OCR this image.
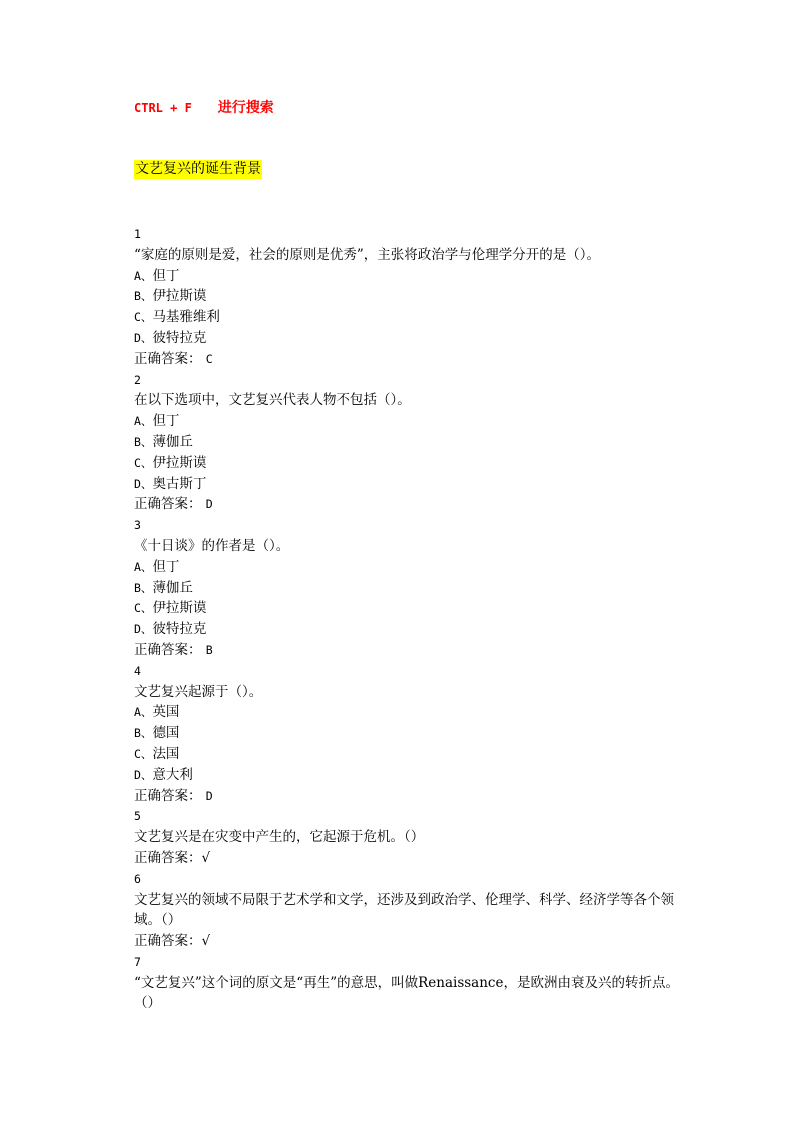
CTRL + F 进行搜索
文艺复兴的诞生背景

1

“家庭的原则是爱，社会的原则是优秀”，主张将政治学与伦理学分开的是（）。

A、但丁

B、伊拉斯谟

C、马基雅维利

D、彼特拉克

正确答案： C

2

在以下选项中，文艺复兴代表人物不包括（）。

A、但丁

B、薄伽丘

C、伊拉斯谟

D、奥古斯丁

正确答案： D

3

《十日谈》的作者是（）。

A、但丁

B、薄伽丘

C、伊拉斯谟

D、彼特拉克

正确答案： B

4

文艺复兴起源于（）。

A、英国

B、德国

C、法国

D、意大利

正确答案： D

5

文艺复兴是在灾变中产生的，它起源于危机。（）

正确答案：√

6

文艺复兴的领域不局限于艺术学和文学，还涉及到政治学、伦理学、科学、经济学等各个领域。（）

正确答案：√

7

“文艺复兴”这个词的原文是“再生”的意思，叫做Renaissance，是欧洲由衰及兴的转折点。（）
